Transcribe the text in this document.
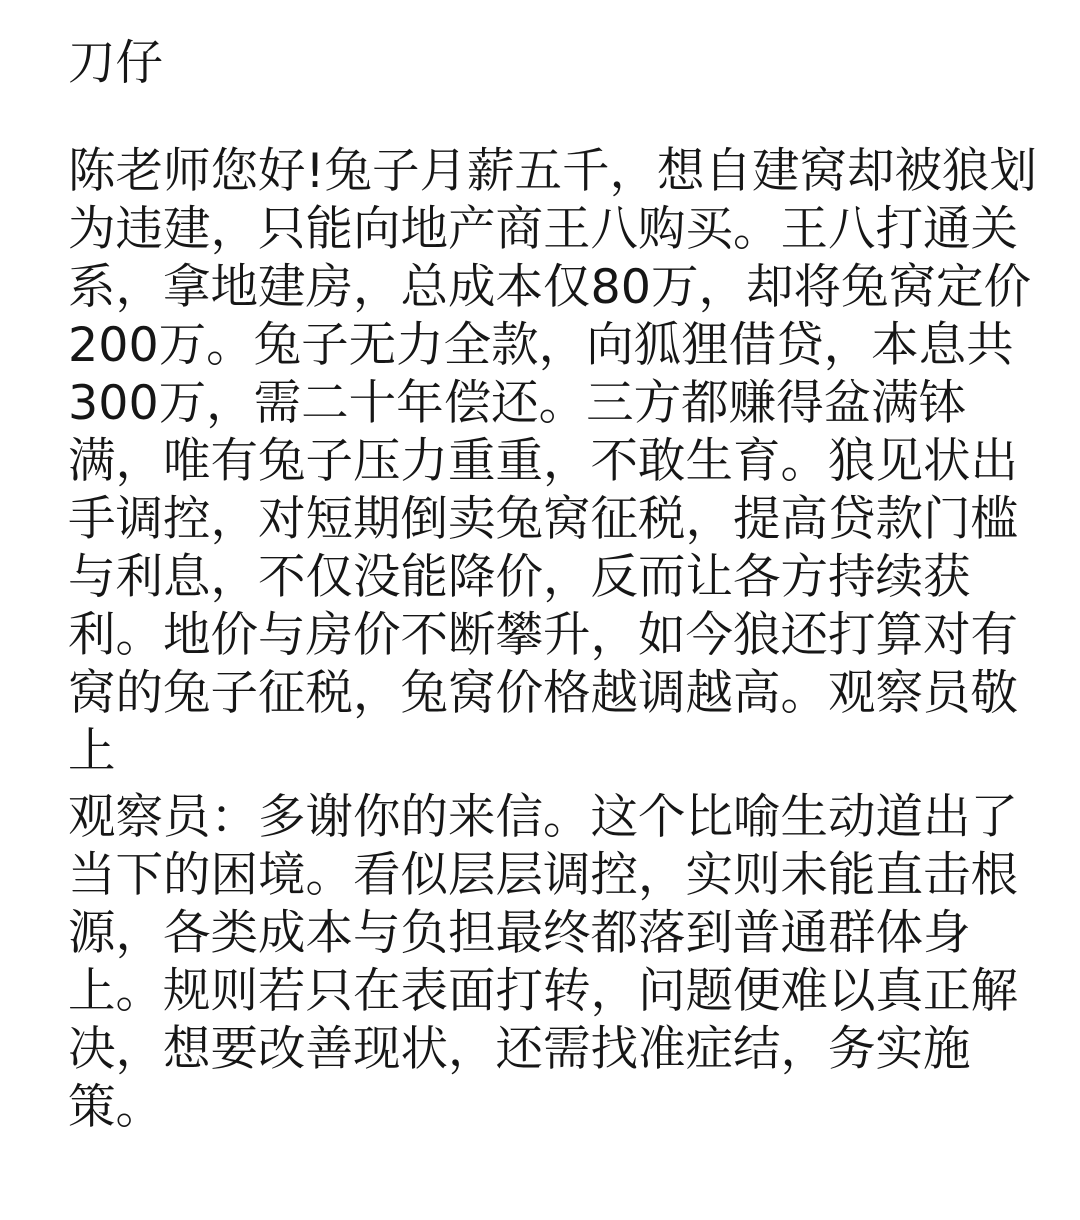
刀仔
陈老师您好!兔子月薪五千，想自建窝却被狼划
为违建，只能向地产商王八购买。王八打通关
系，拿地建房，总成本仅80万，却将兔窝定价
200万。兔子无力全款，向狐狸借贷，本息共
300万，需二十年偿还。三方都赚得盆满钵
满，唯有兔子压力重重，不敢生育。狼见状出
手调控，对短期倒卖兔窝征税，提高贷款门槛
与利息，不仅没能降价，反而让各方持续获
利。地价与房价不断攀升，如今狼还打算对有
窝的兔子征税，兔窝价格越调越高。观察员敬
上
观察员：多谢你的来信。这个比喻生动道出了
当下的困境。看似层层调控，实则未能直击根
源，各类成本与负担最终都落到普通群体身
上。规则若只在表面打转，问题便难以真正解
决，想要改善现状，还需找准症结，务实施
策。
